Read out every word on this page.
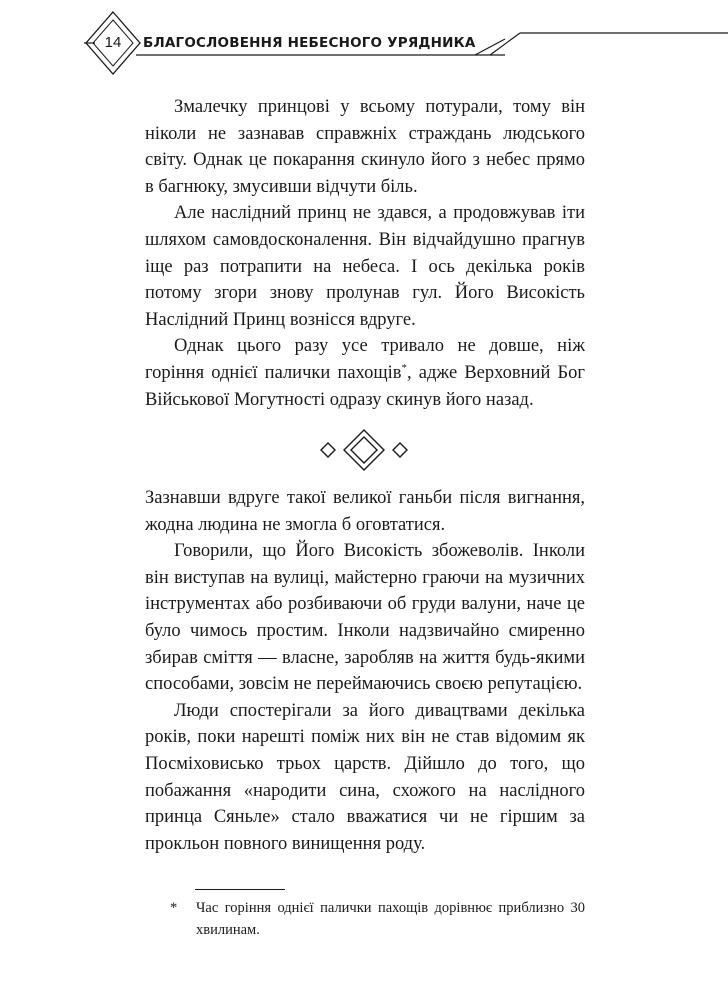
14	БЛАГОСЛОВЕННЯ НЕБЕСНОГО УРЯДНИКА

Змалечку принцові у всьому потурали, тому він ніколи не зазнавав справжніх страждань людського світу. Однак це покарання скинуло його з небес прямо в багнюку, змусивши відчути біль.

Але наслідний принц не здався, а продовжував іти шляхом самовдосконалення. Він відчайдушно прагнув іще раз потрапити на небеса. І ось декілька років потому згори знову пролунав гул. Його Високість Наслідний Принц вознісся вдруге.

Однак цього разу усе тривало не довше, ніж горіння однієї палички пахощів*, адже Верховний Бог Військової Могутності одразу скинув його назад.

Зазнавши вдруге такої великої ганьби після вигнання, жодна людина не змогла б оговтатися.

Говорили, що Його Високість збожеволів. Інколи він виступав на вулиці, майстерно граючи на музичних інструментах або розбиваючи об груди валуни, наче це було чимось простим. Інколи надзвичайно смиренно збирав сміття — власне, заробляв на життя будь-якими способами, зовсім не переймаючись своєю репутацією.

Люди спостерігали за його дивацтвами декілька років, поки нарешті поміж них він не став відомим як Посміховисько трьох царств. Дійшло до того, що побажання «народити сина, схожого на наслідного принца Сяньле» стало вважатися чи не гіршим за прокльон повного винищення роду.

* Час горіння однієї палички пахощів дорівнює приблизно 30 хвилинам.
